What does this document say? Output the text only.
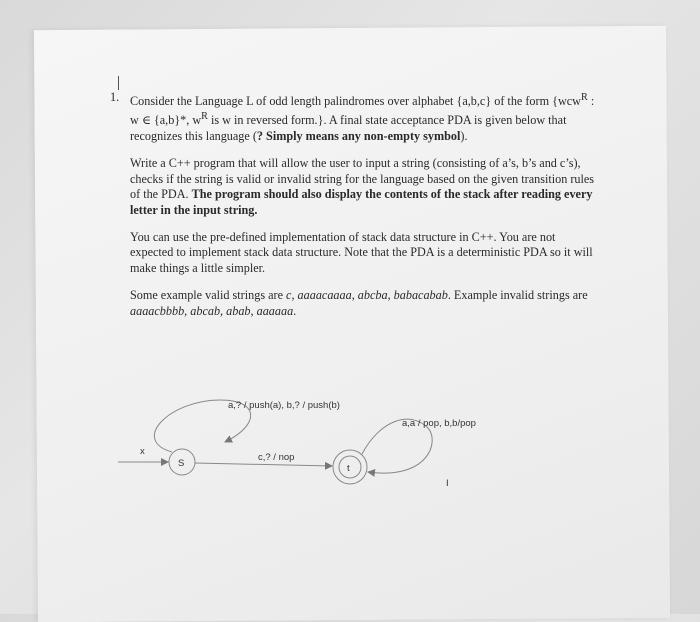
1. Consider the Language L of odd length palindromes over alphabet {a,b,c} of the form {wcw$^R$ : w ∈ {a,b}*, $w^R$ is w in reversed form.}. A final state acceptance PDA is given below that recognizes this language (? Simply means any non-empty symbol).

Write a C++ program that will allow the user to input a string (consisting of a’s, b’s and c’s), checks if the string is valid or invalid string for the language based on the given transition rules of the PDA. The program should also display the contents of the stack after reading every letter in the input string.

You can use the pre-defined implementation of stack data structure in C++. You are not expected to implement stack data structure. Note that the PDA is a deterministic PDA so it will make things a little simpler.

Some example valid strings are c, aaaacaaaa, abcba, babacabab. Example invalid strings are aaaacbbbb, abcab, abab, aaaaaa.

x
S
a,? / push(a), b,? / push(b)
c,? / nop
t
a,a / pop, b,b/pop
I
